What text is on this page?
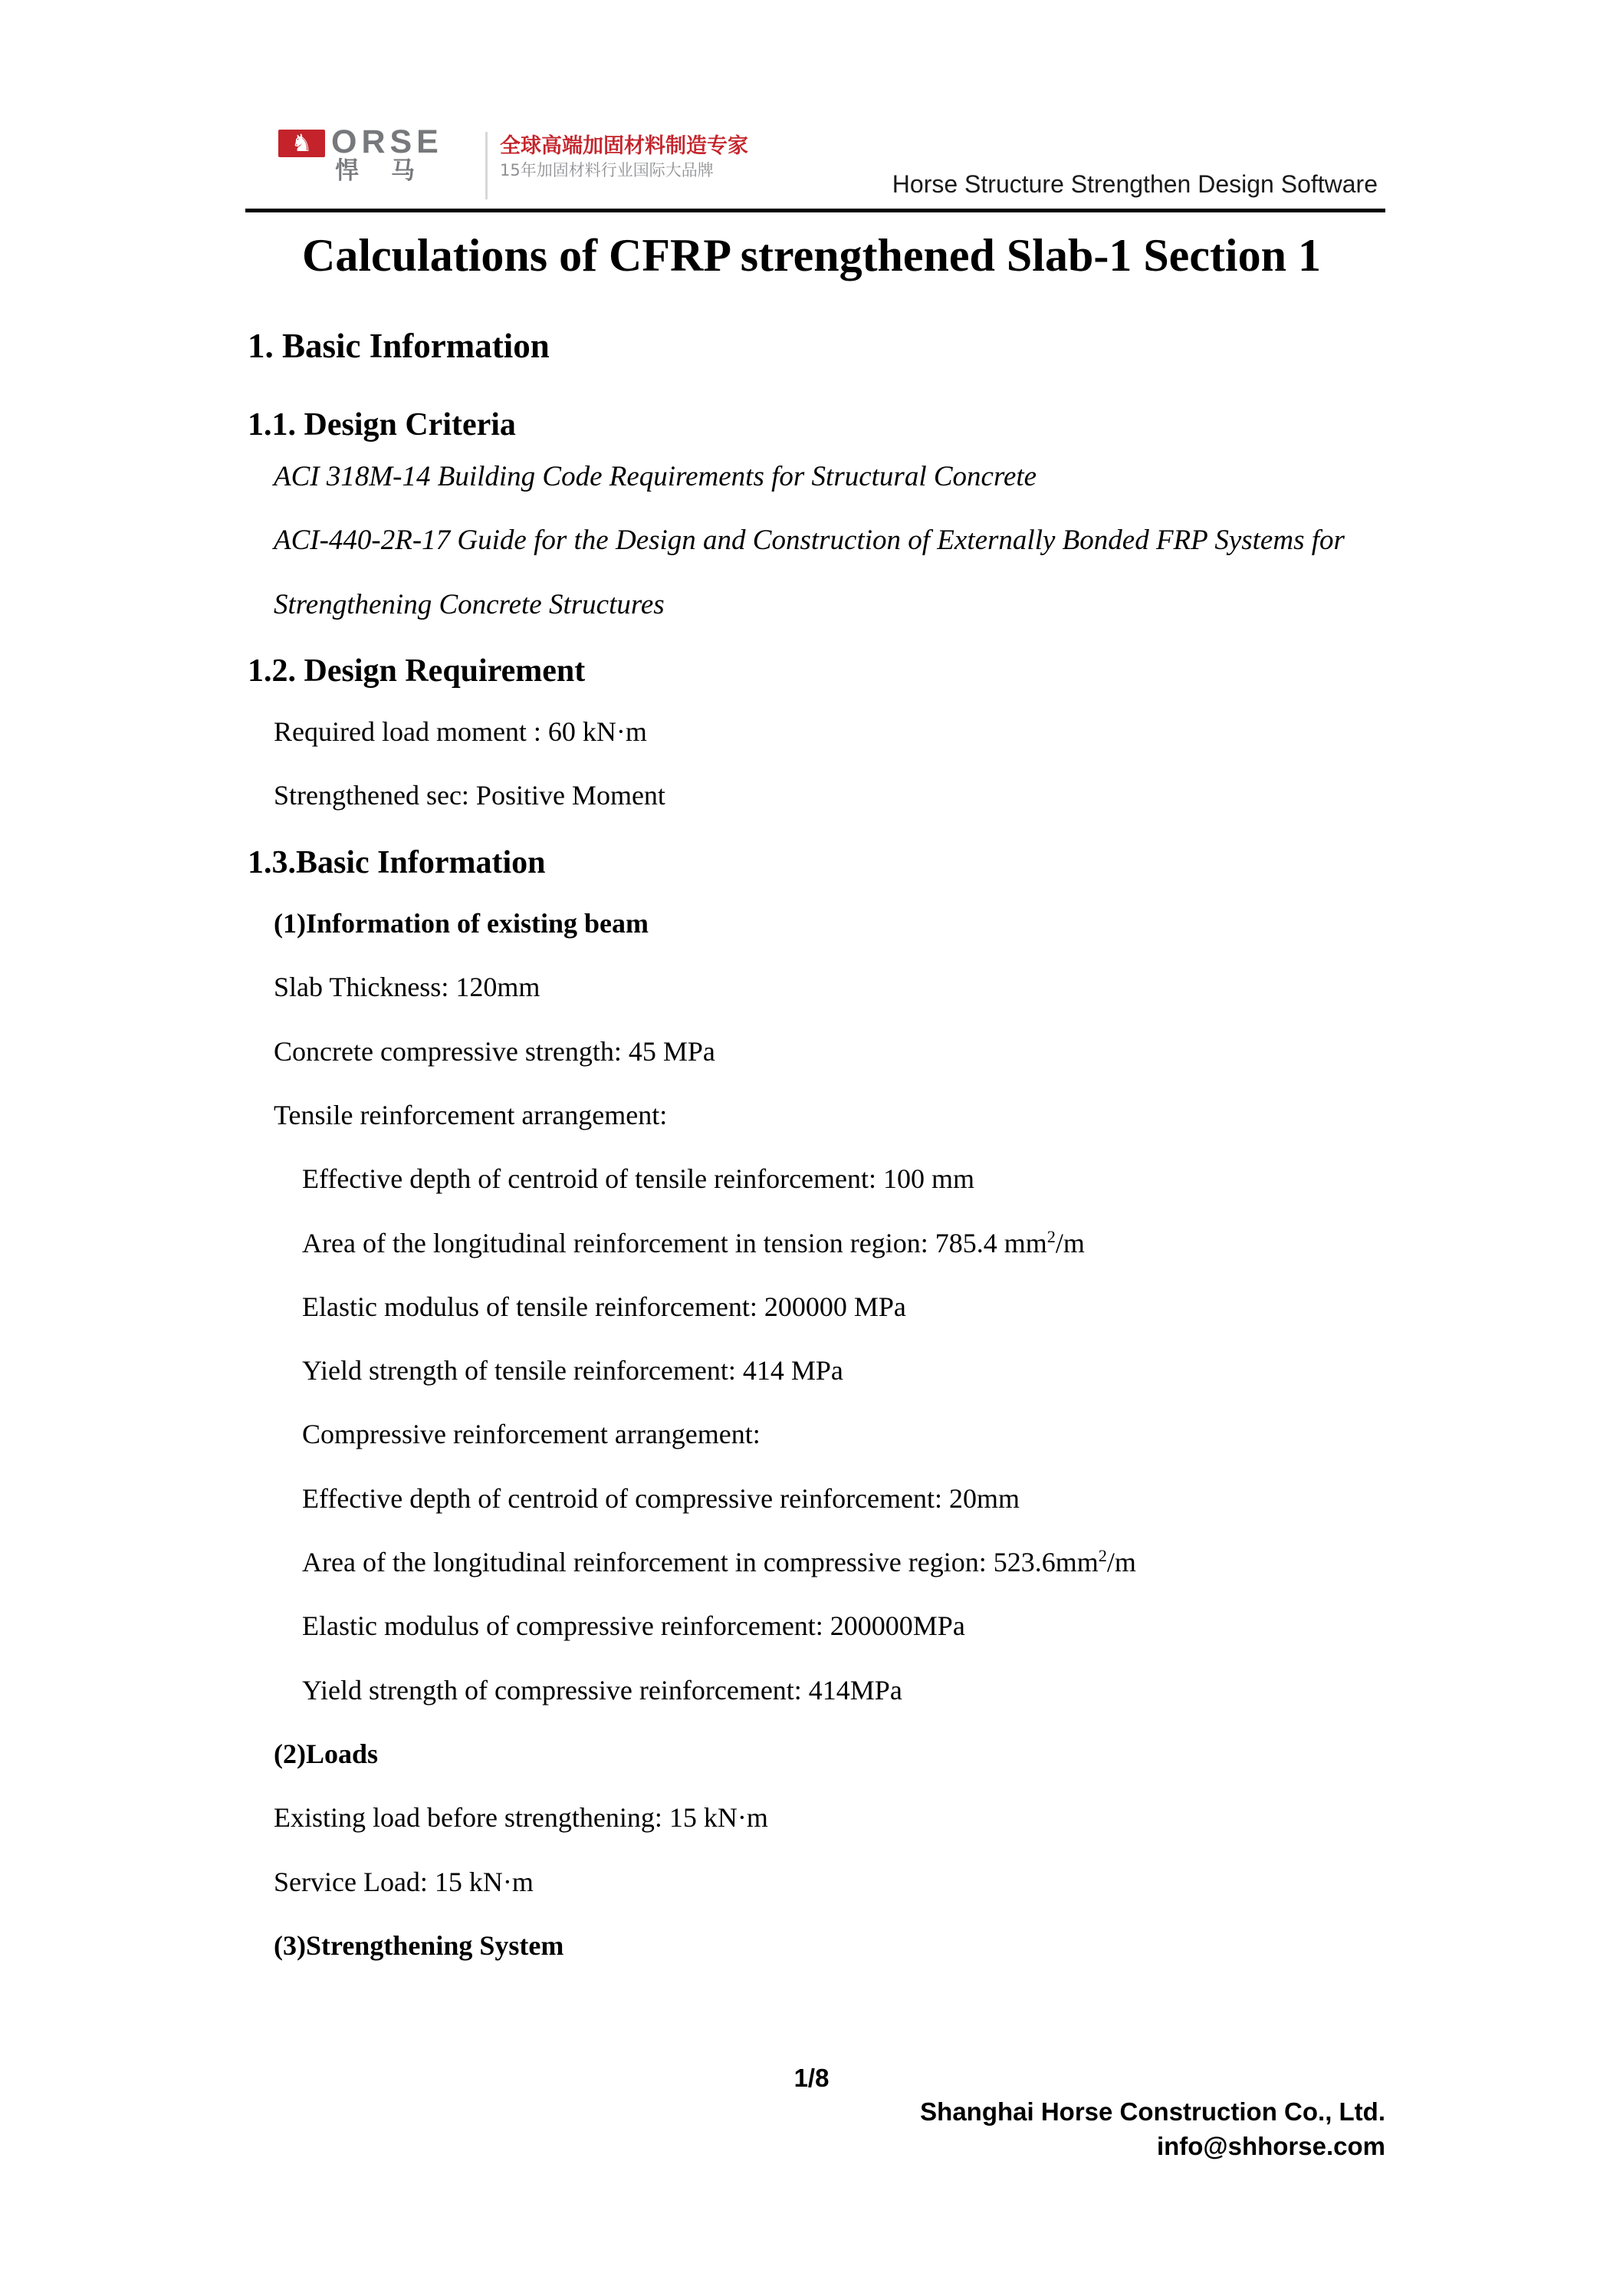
♞ ORSE
悍马
全球高端加固材料制造专家
15年加固材料行业国际大品牌	Horse Structure Strengthen Design Software
Calculations of CFRP strengthened Slab-1 Section 1
1. Basic Information
1.1. Design Criteria
ACI 318M-14 Building Code Requirements for Structural Concrete
ACI-440-2R-17 Guide for the Design and Construction of Externally Bonded FRP Systems for
Strengthening Concrete Structures
1.2. Design Requirement
Required load moment : 60 kN·m
Strengthened sec: Positive Moment
1.3.Basic Information
(1)Information of existing beam
Slab Thickness: 120mm
Concrete compressive strength: 45 MPa
Tensile reinforcement arrangement:
Effective depth of centroid of tensile reinforcement: 100 mm
Area of the longitudinal reinforcement in tension region: 785.4 $mm^2/m$
Elastic modulus of tensile reinforcement: 200000 MPa
Yield strength of tensile reinforcement: 414 MPa
Compressive reinforcement arrangement:
Effective depth of centroid of compressive reinforcement: 20mm
Area of the longitudinal reinforcement in compressive region: $523.6mm^2/m$
Elastic modulus of compressive reinforcement: 200000MPa
Yield strength of compressive reinforcement: 414MPa
(2)Loads
Existing load before strengthening: 15 kN·m
Service Load: 15 kN·m
(3)Strengthening System
1/8
Shanghai Horse Construction Co., Ltd.
info@shhorse.com
